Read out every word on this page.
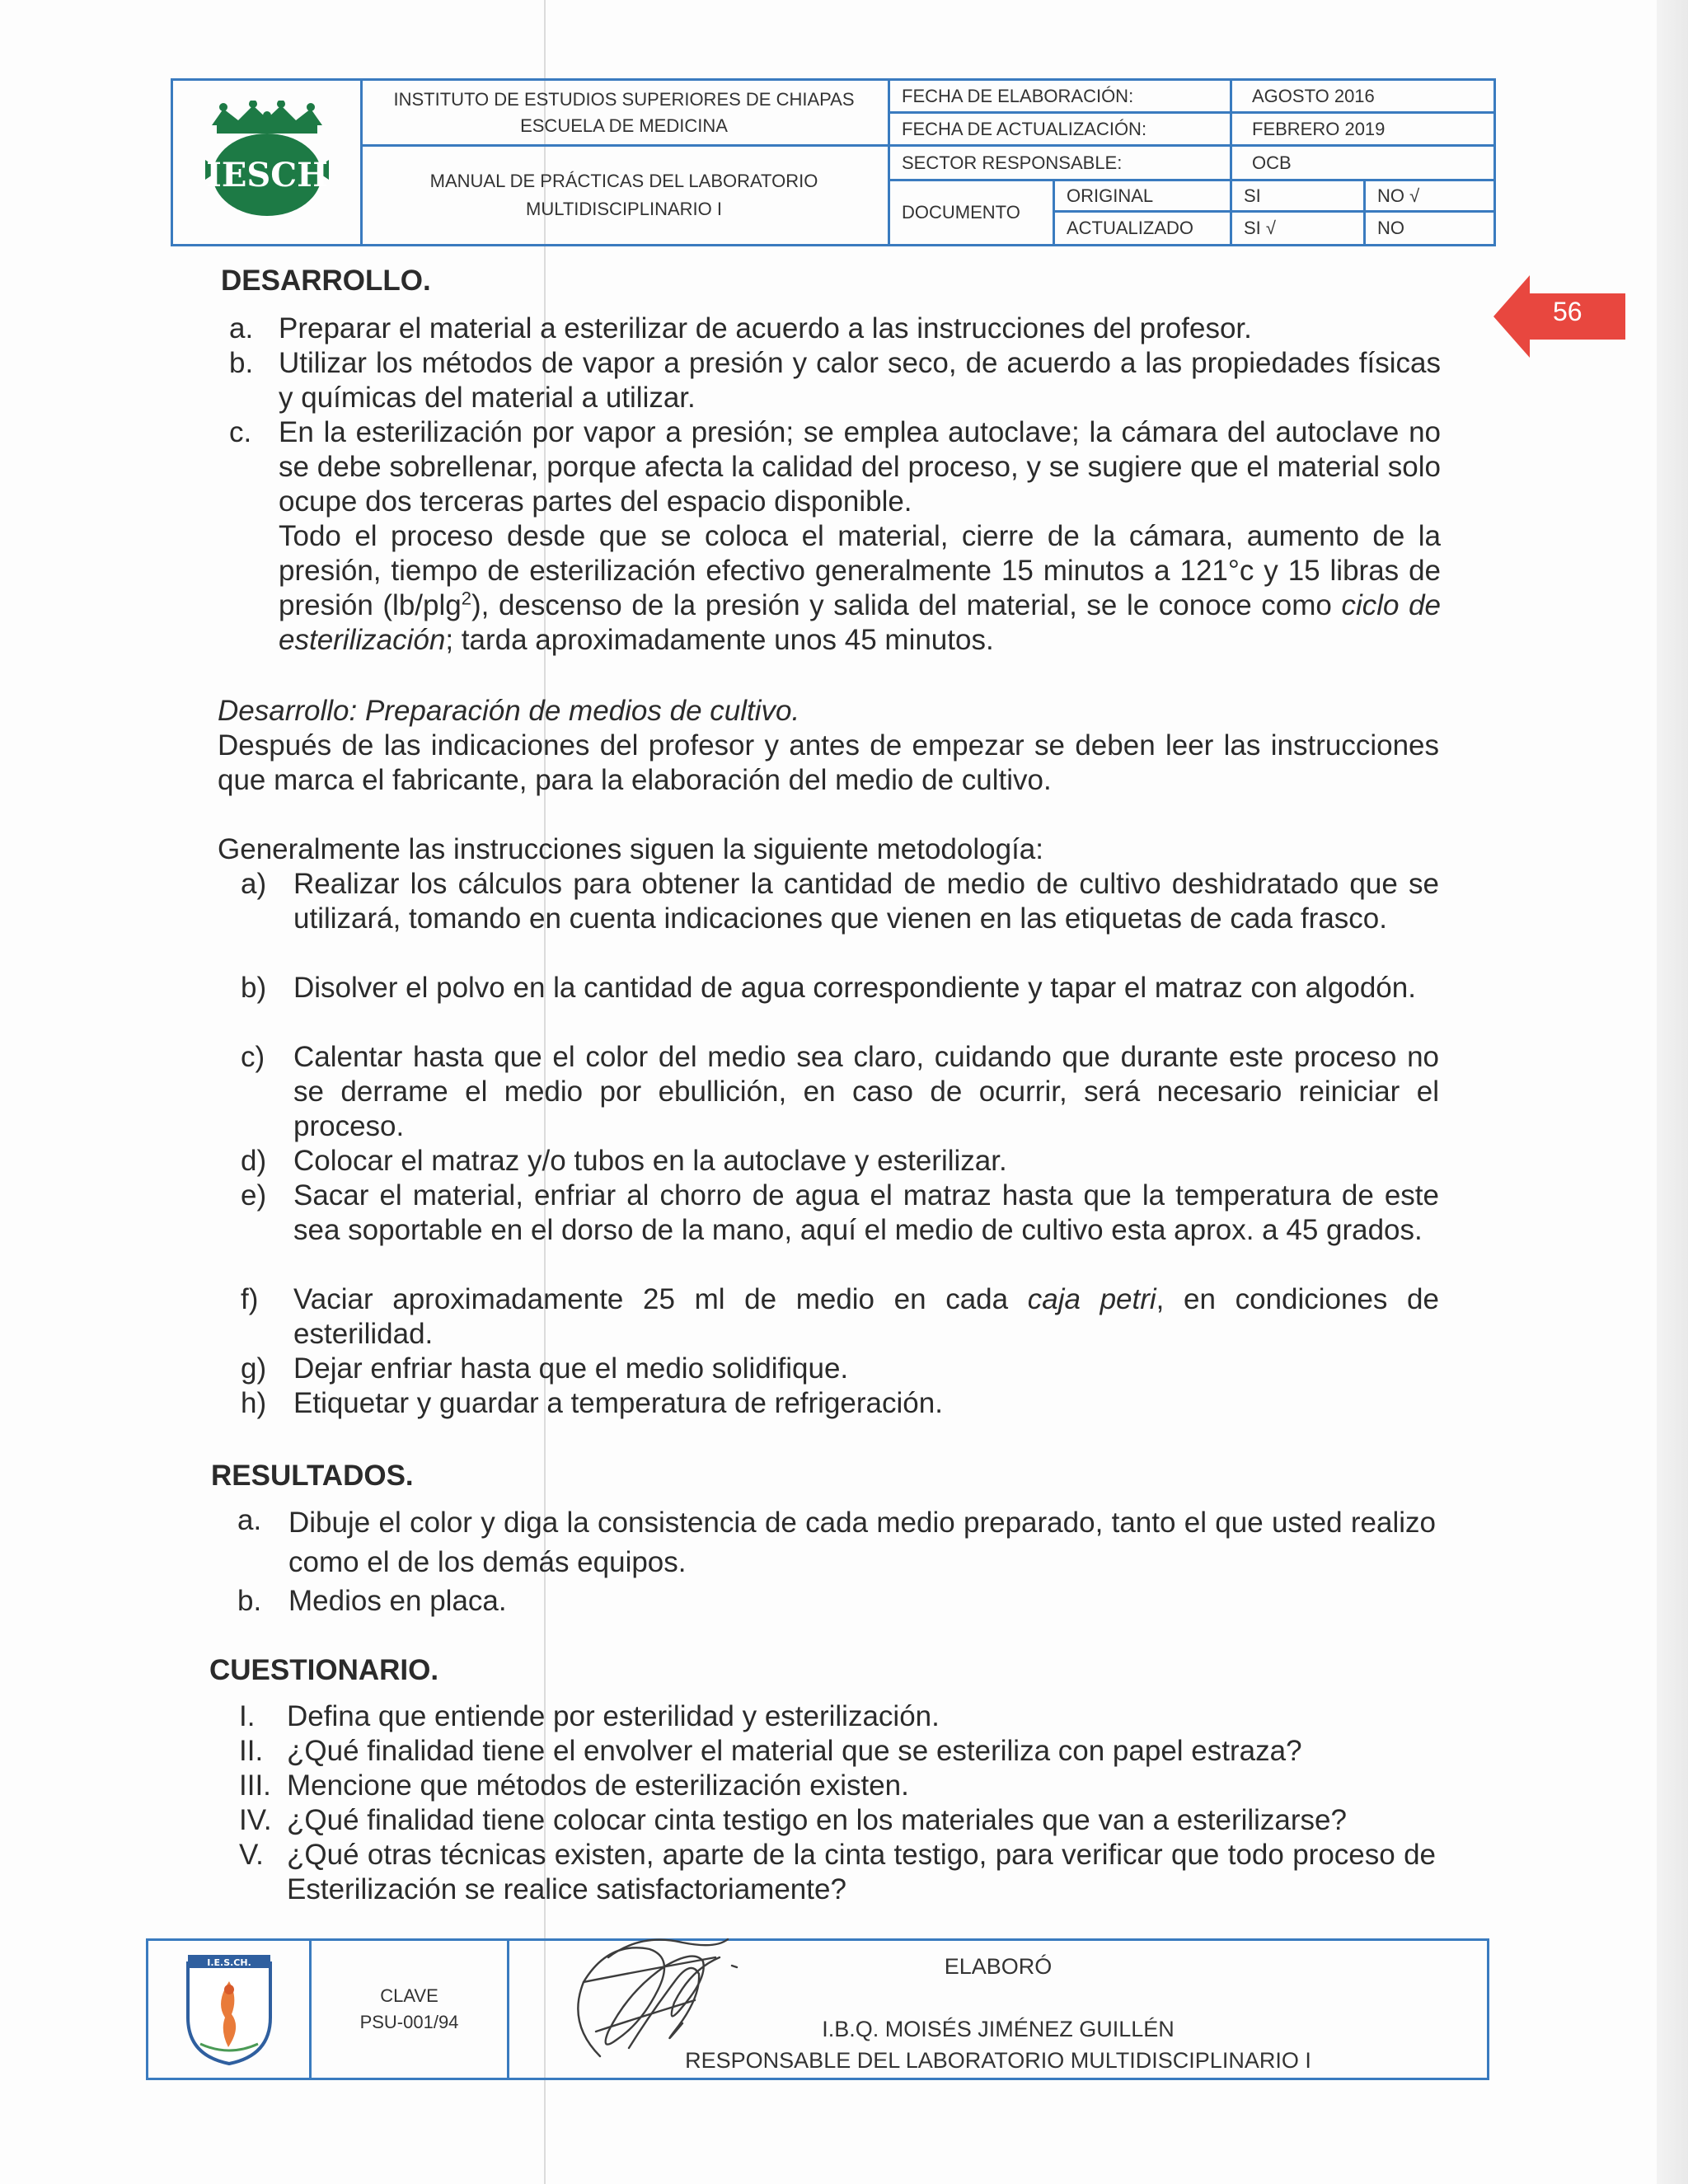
IESCH
INSTITUTO DE ESTUDIOS SUPERIORES DE CHIAPAS
ESCUELA DE MEDICINA
MANUAL DE PRÁCTICAS DEL LABORATORIO
MULTIDISCIPLINARIO I
FECHA DE ELABORACIÓN:	AGOSTO 2016
FECHA DE ACTUALIZACIÓN:	FEBRERO 2019
SECTOR RESPONSABLE:	OCB
DOCUMENTO
ORIGINAL	SI	NO √
ACTUALIZADO	SI √	NO
56
DESARROLLO.
a. Preparar el material a esterilizar de acuerdo a las instrucciones del profesor.
b. Utilizar los métodos de vapor a presión y calor seco, de acuerdo a las propiedades físicas y químicas del material a utilizar.
c. En la esterilización por vapor a presión; se emplea autoclave; la cámara del autoclave no se debe sobrellenar, porque afecta la calidad del proceso, y se sugiere que el material solo ocupe dos terceras partes del espacio disponible.
Todo el proceso desde que se coloca el material, cierre de la cámara, aumento de la presión, tiempo de esterilización efectivo generalmente 15 minutos a 121°c y 15 libras de presión (lb/plg$^2$), descenso de la presión y salida del material, se le conoce como ciclo de esterilización; tarda aproximadamente unos 45 minutos.
Desarrollo: Preparación de medios de cultivo.
Después de las indicaciones del profesor y antes de empezar se deben leer las instrucciones que marca el fabricante, para la elaboración del medio de cultivo.
Generalmente las instrucciones siguen la siguiente metodología:
a) Realizar los cálculos para obtener la cantidad de medio de cultivo deshidratado que se utilizará, tomando en cuenta indicaciones que vienen en las etiquetas de cada frasco.
b) Disolver el polvo en la cantidad de agua correspondiente y tapar el matraz con algodón.
c) Calentar hasta que el color del medio sea claro, cuidando que durante este proceso no se derrame el medio por ebullición, en caso de ocurrir, será necesario reiniciar el proceso.
d) Colocar el matraz y/o tubos en la autoclave y esterilizar.
e) Sacar el material, enfriar al chorro de agua el matraz hasta que la temperatura de este sea soportable en el dorso de la mano, aquí el medio de cultivo esta aprox. a 45 grados.
f) Vaciar aproximadamente 25 ml de medio en cada caja petri, en condiciones de esterilidad.
g) Dejar enfriar hasta que el medio solidifique.
h) Etiquetar y guardar a temperatura de refrigeración.
RESULTADOS.
a. Dibuje el color y diga la consistencia de cada medio preparado, tanto el que usted realizo como el de los demás equipos.
b. Medios en placa.
CUESTIONARIO.
I. Defina que entiende por esterilidad y esterilización.
II. ¿Qué finalidad tiene el envolver el material que se esteriliza con papel estraza?
III. Mencione que métodos de esterilización existen.
IV. ¿Qué finalidad tiene colocar cinta testigo en los materiales que van a esterilizarse?
V. ¿Qué otras técnicas existen, aparte de la cinta testigo, para verificar que todo proceso de Esterilización se realice satisfactoriamente?
I.E.S.CH.
CLAVE
PSU-001/94
ELABORÓ
I.B.Q. MOISÉS JIMÉNEZ GUILLÉN
RESPONSABLE DEL LABORATORIO MULTIDISCIPLINARIO I
